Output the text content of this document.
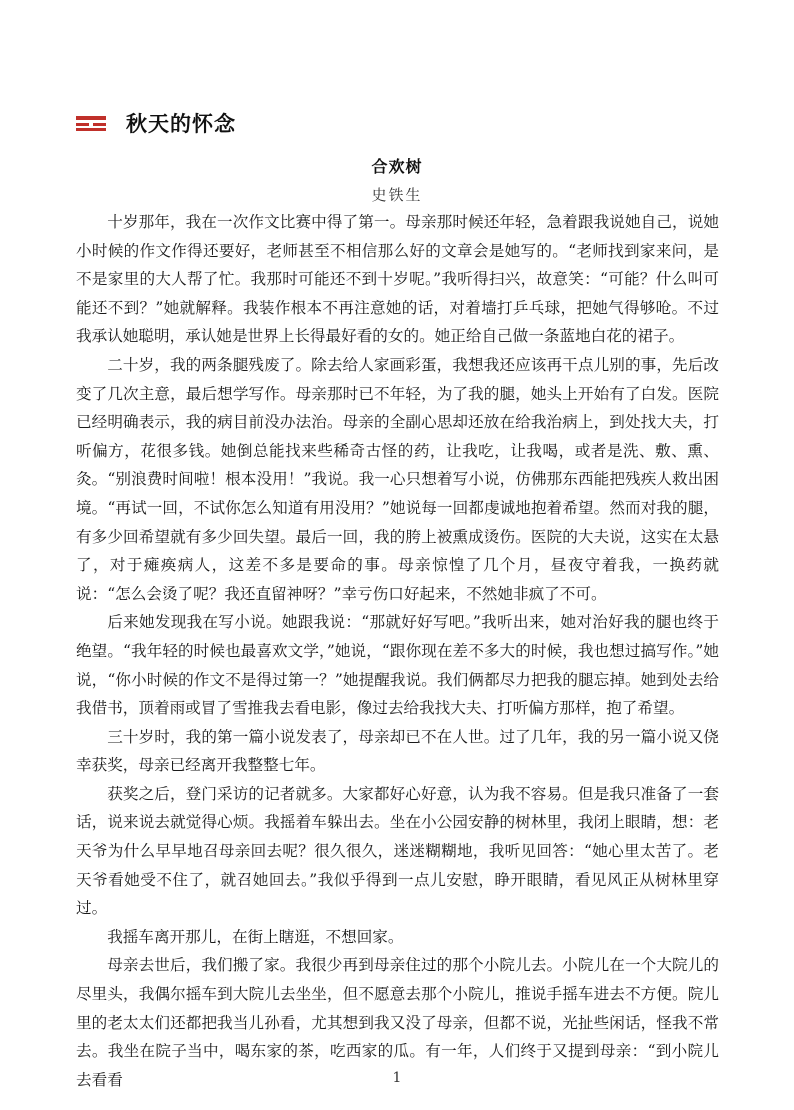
秋天的怀念
合欢树
史铁生

十岁那年，我在一次作文比赛中得了第一。母亲那时候还年轻，急着跟我说她自己，说她小时候的作文作得还要好，老师甚至不相信那么好的文章会是她写的。“老师找到家来问，是不是家里的大人帮了忙。我那时可能还不到十岁呢。”我听得扫兴，故意笑：“可能？什么叫可能还不到？”她就解释。我装作根本不再注意她的话，对着墙打乒乓球，把她气得够呛。不过我承认她聪明，承认她是世界上长得最好看的女的。她正给自己做一条蓝地白花的裙子。

二十岁，我的两条腿残废了。除去给人家画彩蛋，我想我还应该再干点儿别的事，先后改变了几次主意，最后想学写作。母亲那时已不年轻，为了我的腿，她头上开始有了白发。医院已经明确表示，我的病目前没办法治。母亲的全副心思却还放在给我治病上，到处找大夫，打听偏方，花很多钱。她倒总能找来些稀奇古怪的药，让我吃，让我喝，或者是洗、敷、熏、灸。“别浪费时间啦！根本没用！”我说。我一心只想着写小说，仿佛那东西能把残疾人救出困境。“再试一回，不试你怎么知道有用没用？”她说每一回都虔诚地抱着希望。然而对我的腿，有多少回希望就有多少回失望。最后一回，我的胯上被熏成烫伤。医院的大夫说，这实在太悬了，对于瘫痪病人，这差不多是要命的事。母亲惊惶了几个月，昼夜守着我，一换药就说：“怎么会烫了呢？我还直留神呀？”幸亏伤口好起来，不然她非疯了不可。

后来她发现我在写小说。她跟我说：“那就好好写吧。”我听出来，她对治好我的腿也终于绝望。“我年轻的时候也最喜欢文学，”她说，“跟你现在差不多大的时候，我也想过搞写作。”她说，“你小时候的作文不是得过第一？”她提醒我说。我们俩都尽力把我的腿忘掉。她到处去给我借书，顶着雨或冒了雪推我去看电影，像过去给我找大夫、打听偏方那样，抱了希望。

三十岁时，我的第一篇小说发表了，母亲却已不在人世。过了几年，我的另一篇小说又侥幸获奖，母亲已经离开我整整七年。

获奖之后，登门采访的记者就多。大家都好心好意，认为我不容易。但是我只准备了一套话，说来说去就觉得心烦。我摇着车躲出去。坐在小公园安静的树林里，我闭上眼睛，想：老天爷为什么早早地召母亲回去呢？很久很久，迷迷糊糊地，我听见回答：“她心里太苦了。老天爷看她受不住了，就召她回去。”我似乎得到一点儿安慰，睁开眼睛，看见风正从树林里穿过。

我摇车离开那儿，在街上瞎逛，不想回家。

母亲去世后，我们搬了家。我很少再到母亲住过的那个小院儿去。小院儿在一个大院儿的尽里头，我偶尔摇车到大院儿去坐坐，但不愿意去那个小院儿，推说手摇车进去不方便。院儿里的老太太们还都把我当儿孙看，尤其想到我又没了母亲，但都不说，光扯些闲话，怪我不常去。我坐在院子当中，喝东家的茶，吃西家的瓜。有一年，人们终于又提到母亲：“到小院儿去看看	1
